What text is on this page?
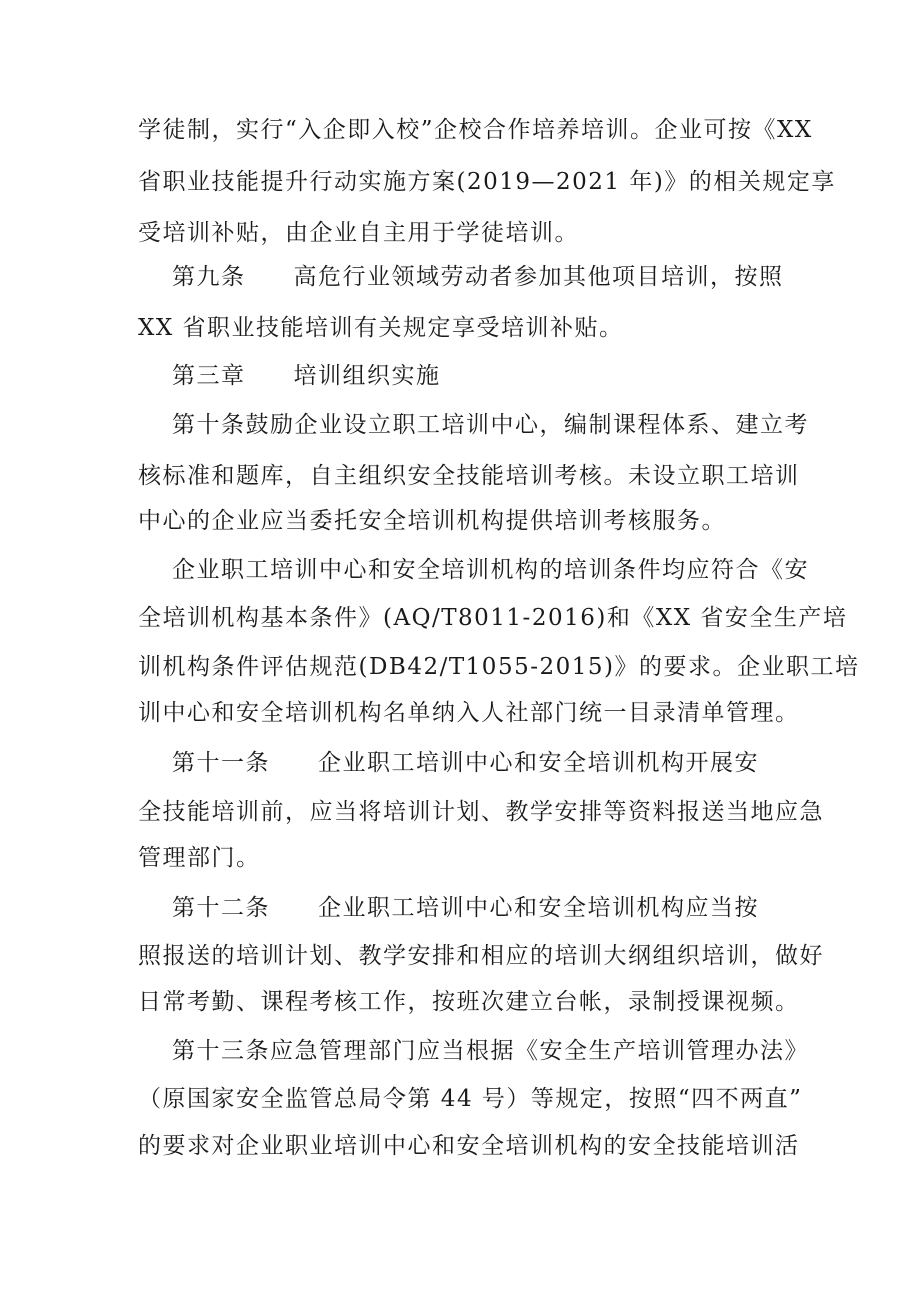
学徒制，实行“入企即入校”企校合作培养培训。企业可按《XX
省职业技能提升行动实施方案(2019—2021 年)》的相关规定享
受培训补贴，由企业自主用于学徒培训。
第九条 高危行业领域劳动者参加其他项目培训，按照
XX 省职业技能培训有关规定享受培训补贴。
第三章 培训组织实施
第十条鼓励企业设立职工培训中心，编制课程体系、建立考
核标准和题库，自主组织安全技能培训考核。未设立职工培训
中心的企业应当委托安全培训机构提供培训考核服务。
企业职工培训中心和安全培训机构的培训条件均应符合《安
全培训机构基本条件》(AQ/T8011-2016)和《XX 省安全生产培
训机构条件评估规范(DB42/T1055-2015)》的要求。企业职工培
训中心和安全培训机构名单纳入人社部门统一目录清单管理。
第十一条 企业职工培训中心和安全培训机构开展安
全技能培训前，应当将培训计划、教学安排等资料报送当地应急
管理部门。
第十二条 企业职工培训中心和安全培训机构应当按
照报送的培训计划、教学安排和相应的培训大纲组织培训，做好
日常考勤、课程考核工作，按班次建立台帐，录制授课视频。
第十三条应急管理部门应当根据《安全生产培训管理办法》
（原国家安全监管总局令第 44 号）等规定，按照“四不两直”
的要求对企业职业培训中心和安全培训机构的安全技能培训活
